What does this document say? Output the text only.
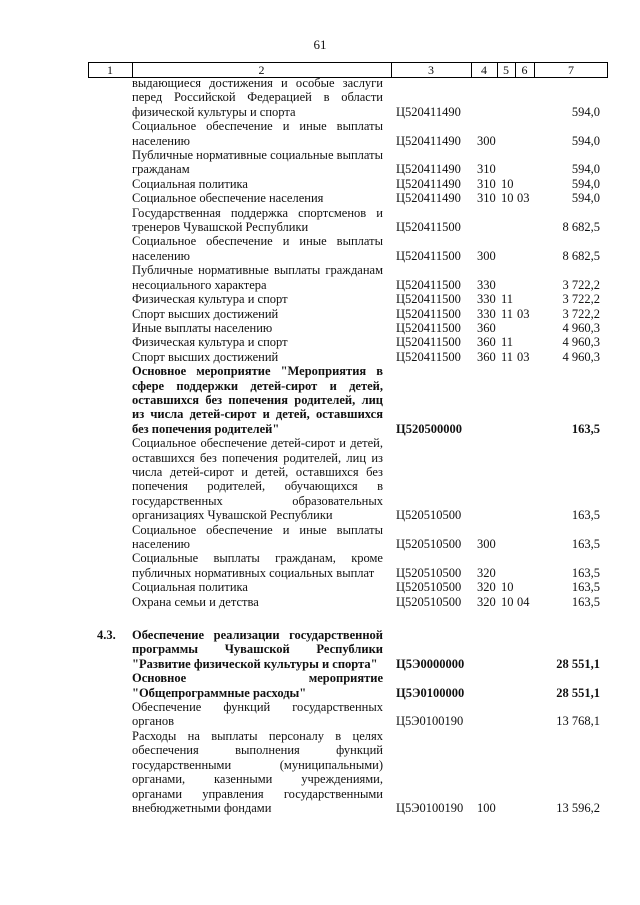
61
1	2	3	4	5	6	7
выдающиеся достижения и особые заслуги перед Российской Федерацией в области физической культуры и спорта	Ц520411490	594,0
Социальное обеспечение и иные выплаты населению	Ц520411490 300	594,0
Публичные нормативные социальные выплаты гражданам	Ц520411490 310	594,0
Социальная политика	Ц520411490 310 10	594,0
Социальное обеспечение населения	Ц520411490 310 10 03	594,0
Государственная поддержка спортсменов и тренеров Чувашской Республики	Ц520411500	8 682,5
Социальное обеспечение и иные выплаты населению	Ц520411500 300	8 682,5
Публичные нормативные выплаты гражданам несоциального характера	Ц520411500 330	3 722,2
Физическая культура и спорт	Ц520411500 330 11	3 722,2
Спорт высших достижений	Ц520411500 330 11 03	3 722,2
Иные выплаты населению	Ц520411500 360	4 960,3
Физическая культура и спорт	Ц520411500 360 11	4 960,3
Спорт высших достижений	Ц520411500 360 11 03	4 960,3
Основное мероприятие "Мероприятия в сфере поддержки детей-сирот и детей, оставшихся без попечения родителей, лиц из числа детей-сирот и детей, оставшихся без попечения родителей"	Ц520500000	163,5
Социальное обеспечение детей-сирот и детей, оставшихся без попечения родителей, лиц из числа детей-сирот и детей, оставшихся без попечения родителей, обучающихся в государственных образовательных организациях Чувашской Республики	Ц520510500	163,5
Социальное обеспечение и иные выплаты населению	Ц520510500 300	163,5
Социальные выплаты гражданам, кроме публичных нормативных социальных выплат	Ц520510500 320	163,5
Социальная политика	Ц520510500 320 10	163,5
Охрана семьи и детства	Ц520510500 320 10 04	163,5
4.3. Обеспечение реализации государственной программы Чувашской Республики "Развитие физической культуры и спорта"	Ц5Э0000000	28 551,1
Основное мероприятие "Общепрограммные расходы"	Ц5Э0100000	28 551,1
Обеспечение функций государственных органов	Ц5Э0100190	13 768,1
Расходы на выплаты персоналу в целях обеспечения выполнения функций государственными (муниципальными) органами, казенными учреждениями, органами управления государственными внебюджетными фондами	Ц5Э0100190 100	13 596,2
